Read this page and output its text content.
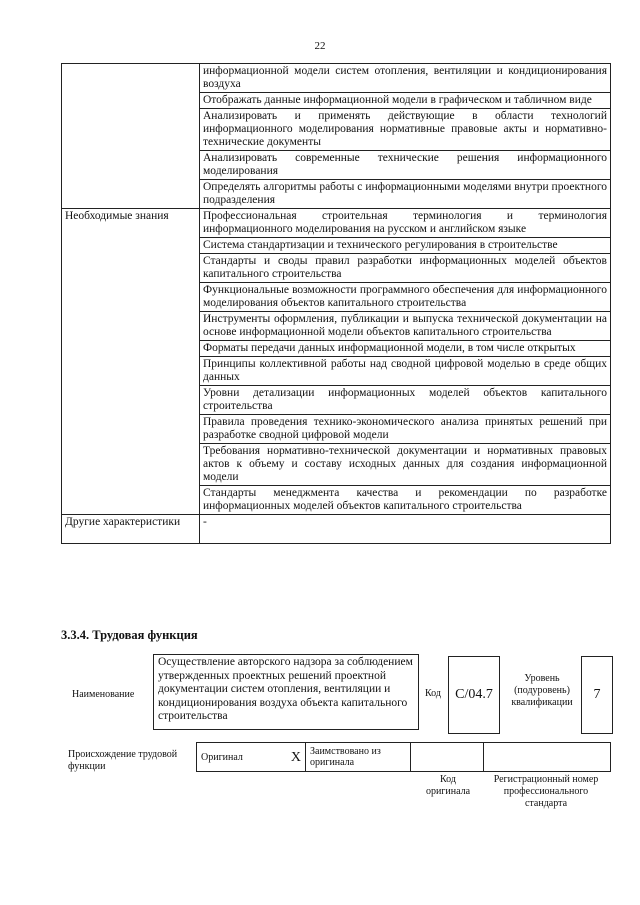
22
	информационной модели систем отопления, вентиляции и кондиционирования воздуха
	Отображать данные информационной модели в графическом и табличном виде
	Анализировать и применять действующие в области технологий информационного моделирования нормативные правовые акты и нормативно-технические документы
	Анализировать современные технические решения информационного моделирования
	Определять алгоритмы работы с информационными моделями внутри проектного подразделения
Необходимые знания	Профессиональная строительная терминология и терминология информационного моделирования на русском и английском языке
	Система стандартизации и технического регулирования в строительстве
	Стандарты и своды правил разработки информационных моделей объектов капитального строительства
	Функциональные возможности программного обеспечения для информационного моделирования объектов капитального строительства
	Инструменты оформления, публикации и выпуска технической документации на основе информационной модели объектов капитального строительства
	Форматы передачи данных информационной модели, в том числе открытых
	Принципы коллективной работы над сводной цифровой моделью в среде общих данных
	Уровни детализации информационных моделей объектов капитального строительства
	Правила проведения технико-экономического анализа принятых решений при разработке сводной цифровой модели
	Требования нормативно-технической документации и нормативных правовых актов к объему и составу исходных данных для создания информационной модели
	Стандарты менеджмента качества и рекомендации по разработке информационных моделей объектов капитального строительства
Другие характеристики	-
3.3.4. Трудовая функция
Наименование
Осуществление авторского надзора за соблюдением утвержденных проектных решений проектной документации систем отопления, вентиляции и кондиционирования воздуха объекта капитального строительства
Код	С/04.7
Уровень (подуровень) квалификации
7
Происхождение трудовой функции
Оригинал	X	Заимствовано из оригинала		
Код оригинала
Регистрационный номер профессионального стандарта
